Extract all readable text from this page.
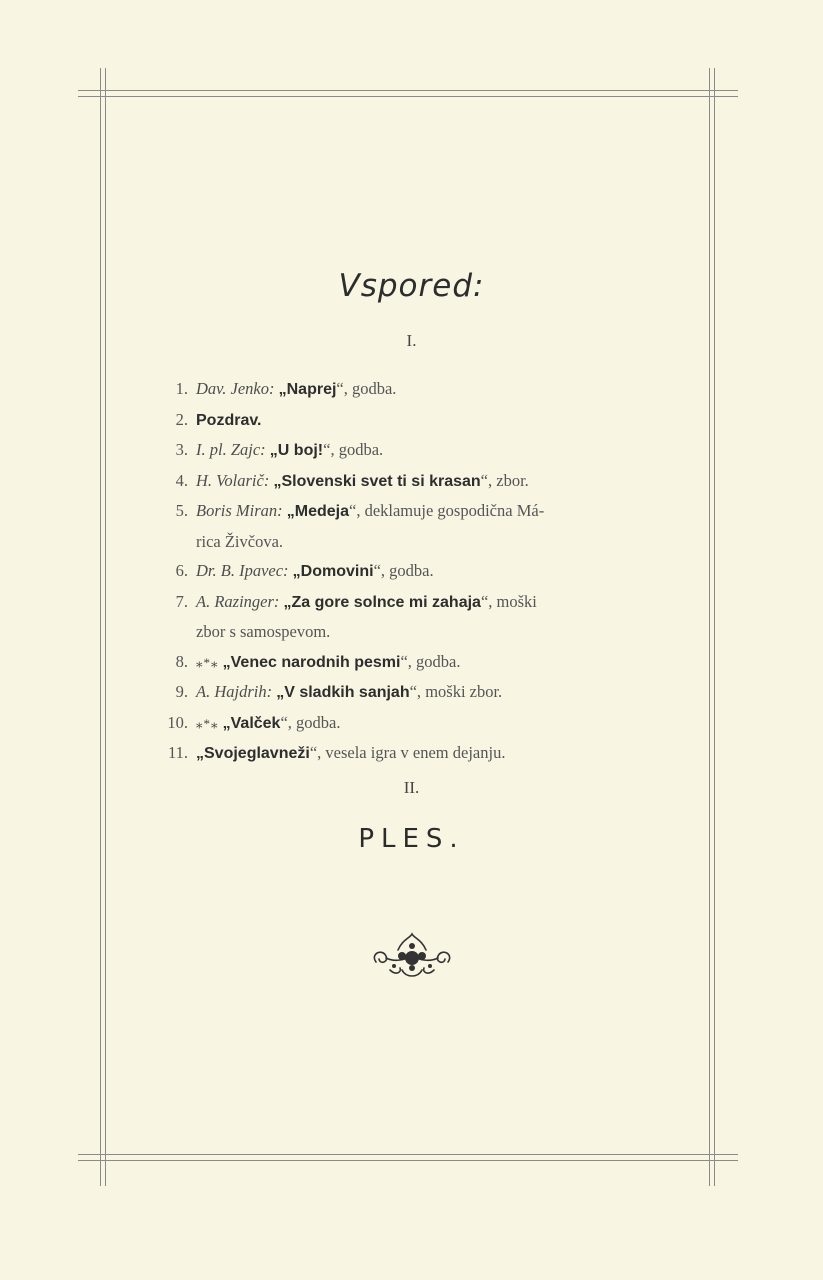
Vspored:
I.
1. Dav. Jenko: „Naprej“, godba.
2. Pozdrav.
3. I. pl. Zajc: „U boj!“, godba.
4. H. Volarič: „Slovenski svet ti si krasan“, zbor.
5. Boris Miran: „Medeja“, deklamuje gospodična Má-
rica Živčova.
6. Dr. B. Ipavec: „Domovini“, godba.
7. A. Razinger: „Za gore solnce mi zahaja“, moški
zbor s samospevom.
8. ⁎*⁎ „Venec narodnih pesmi“, godba.
9. A. Hajdrih: „V sladkih sanjah“, moški zbor.
10. ⁎*⁎ „Valček“, godba.
11. „Svojeglavneži“, vesela igra v enem dejanju.
II.
PLES.
